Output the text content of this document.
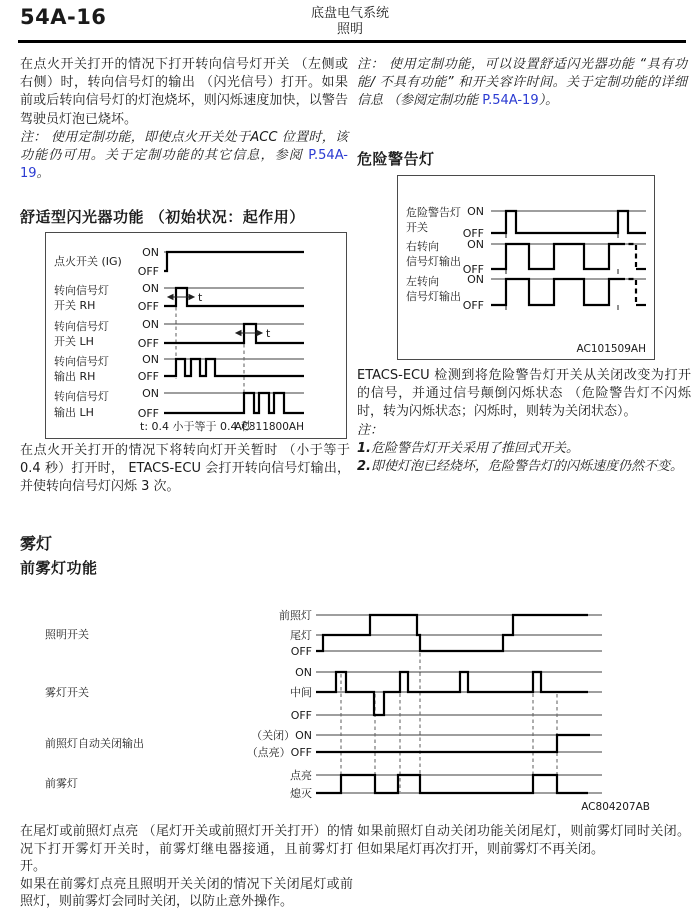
54A-16	底盘电气系统
照明

在点火开关打开的情况下打开转向信号灯开关 （左侧或右侧）时，转向信号灯的输出 （闪光信号）打开。如果前或后转向信号灯的灯泡烧坏，则闪烁速度加快，以警告驾驶员灯泡已烧坏。

注： 使用定制功能，即使点火开关处于ACC 位置时，该功能仍可用。关于定制功能的其它信息，参阅 P.54A-19。

舒适型闪光器功能 （初始状况：起作用）
t
t
点火开关 (IG)
转向信号灯
开关 RH
转向信号灯
开关 LH
转向信号灯
输出 RH
转向信号灯
输出 LH
ON
OFF
ON
OFF
ON
OFF
ON
OFF
ON
OFF
t: 0.4 小于等于 0.4 秒
AC311800AH
在点火开关打开的情况下将转向灯开关暂时 （小于等于 0.4 秒）打开时， ETACS-ECU 会打开转向信号灯输出，并使转向信号灯闪烁 3 次。
注： 使用定制功能，可以设置舒适闪光器功能 “具有功能/ 不具有功能” 和开关容许时间。关于定制功能的详细信息 （参阅定制功能 P.54A-19）。
危险警告灯
危险警告灯
开关
右转向
信号灯输出
左转向
信号灯输出
ON
OFF
ON
OFF
ON
OFF
AC101509AH

ETACS-ECU 检测到将危险警告灯开关从关闭改变为打开的信号，并通过信号颠倒闪烁状态 （危险警告灯不闪烁时，转为闪烁状态；闪烁时，则转为关闭状态）。

注：

1.危险警告灯开关采用了推回式开关。

2.即使灯泡已经烧坏，危险警告灯的闪烁速度仍然不变。

雾灯
前雾灯功能
照明开关
雾灯开关
前照灯自动关闭输出
前雾灯
前照灯
尾灯
OFF
ON
中间
OFF
（关闭）ON
（点亮）OFF
点亮
熄灭
AC804207AB

在尾灯或前照灯点亮 （尾灯开关或前照灯开关打开）的情况下打开雾灯开关时，前雾灯继电器接通，且前雾灯打开。

如果在前雾灯点亮且照明开关关闭的情况下关闭尾灯或前照灯，则前雾灯会同时关闭，以防止意外操作。

如果前照灯自动关闭功能关闭尾灯，则前雾灯同时关闭。但如果尾灯再次打开，则前雾灯不再关闭。
